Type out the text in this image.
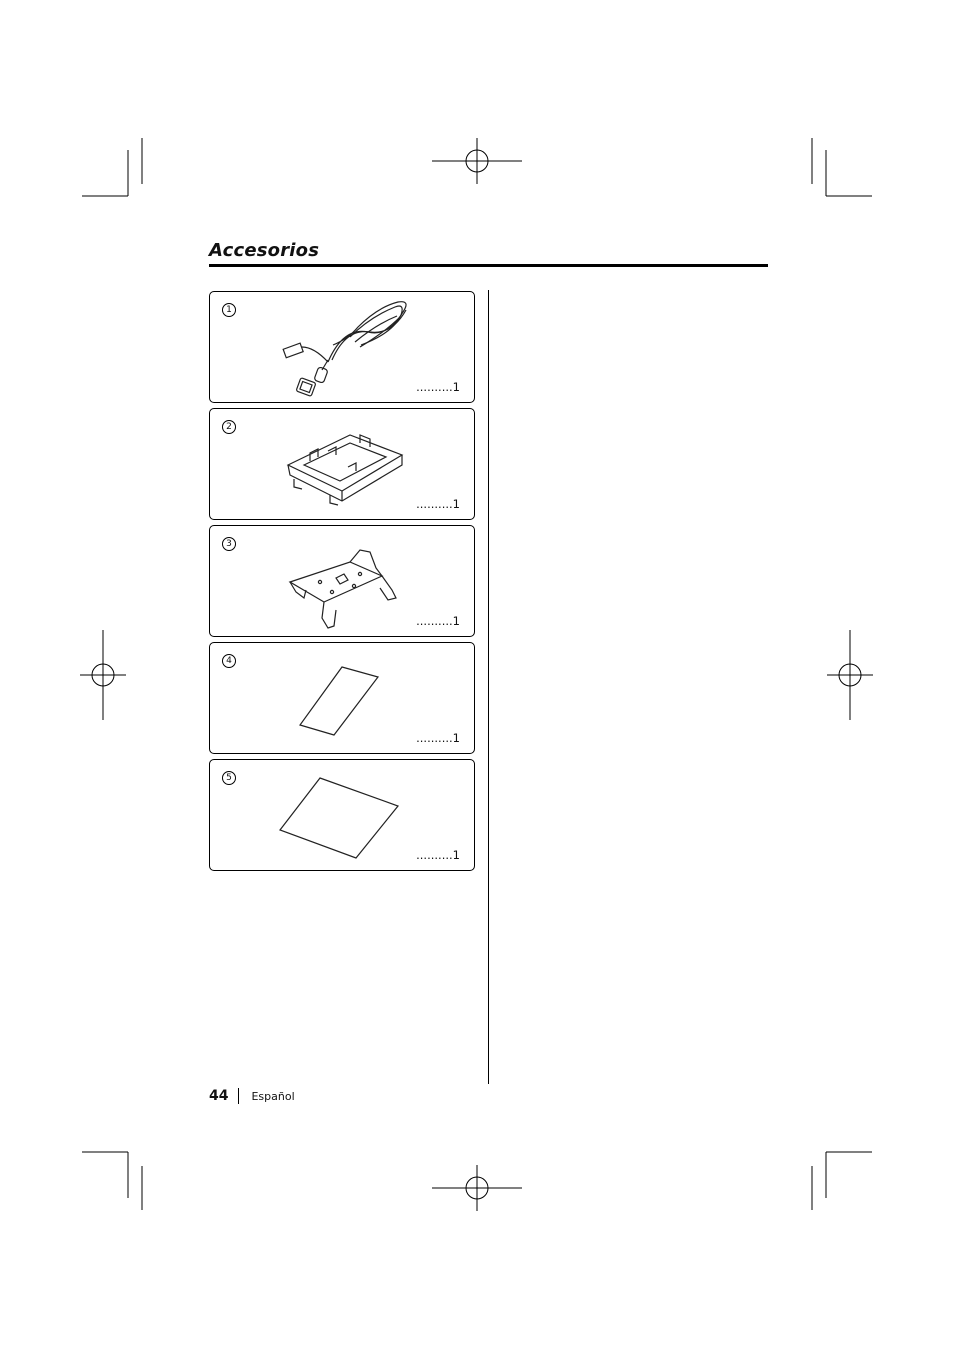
Accesorios
1
..........1
2
..........1
3
..........1
4
..........1
5
..........1
44 Español
